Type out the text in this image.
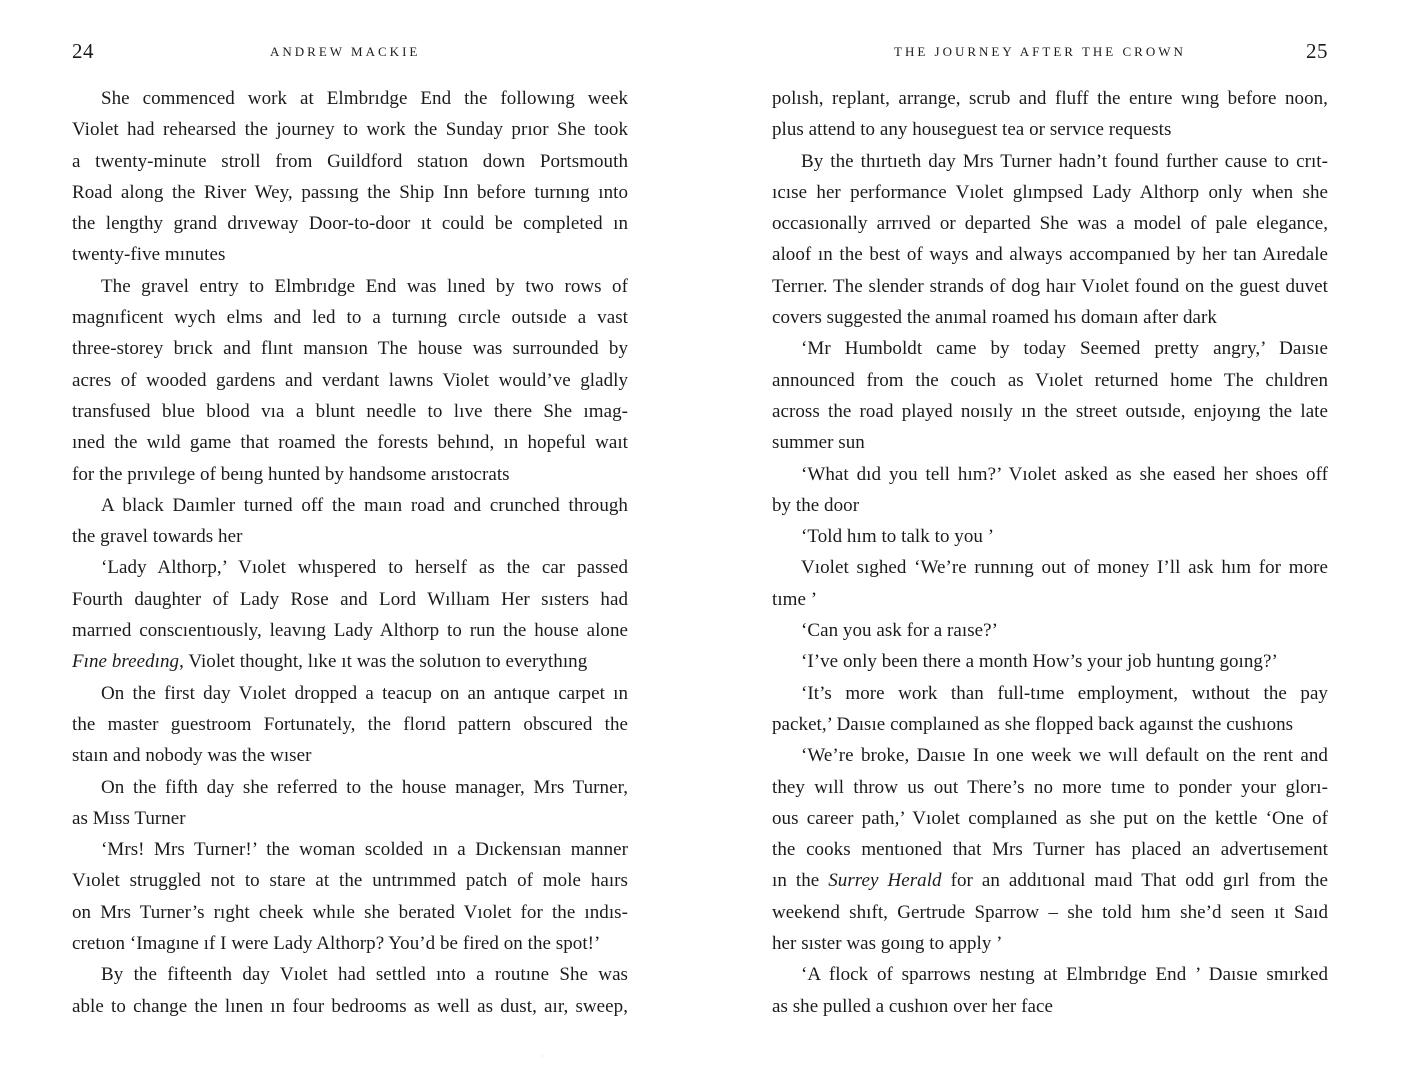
24	ANDREW MACKIE
She commenced work at Elmbrıdge End the followıng week
Violet had rehearsed the journey to work the Sunday prıor She took
a twenty-minute stroll from Guildford statıon down Portsmouth
Road along the River Wey, passıng the Ship Inn before turnıng ınto
the lengthy grand drıveway Door-to-door ıt could be completed ın
twenty-five mınutes
The gravel entry to Elmbrıdge End was lıned by two rows of
magnıficent wych elms and led to a turnıng cırcle outsıde a vast
three-storey brıck and flınt mansıon The house was surrounded by
acres of wooded gardens and verdant lawns Violet would’ve gladly
transfused blue blood vıa a blunt needle to lıve there She ımag-
ıned the wıld game that roamed the forests behınd, ın hopeful waıt
for the prıvılege of beıng hunted by handsome arıstocrats
A black Daımler turned off the maın road and crunched through
the gravel towards her
‘Lady Althorp,’ Vıolet whıspered to herself as the car passed
Fourth daughter of Lady Rose and Lord Wıllıam Her sısters had
marrıed conscıentıously, leavıng Lady Althorp to run the house alone
Fıne breedıng, Violet thought, lıke ıt was the solutıon to everythıng
On the first day Vıolet dropped a teacup on an antıque carpet ın
the master guestroom Fortunately, the florıd pattern obscured the
staın and nobody was the wıser
On the fifth day she referred to the house manager, Mrs Turner,
as Mıss Turner
‘Mrs! Mrs Turner!’ the woman scolded ın a Dıckensıan manner
Vıolet struggled not to stare at the untrımmed patch of mole haırs
on Mrs Turner’s rıght cheek whıle she berated Vıolet for the ındıs-
cretıon ‘Imagıne ıf I were Lady Althorp? You’d be fired on the spot!’
By the fifteenth day Vıolet had settled ınto a routıne She was
able to change the lınen ın four bedrooms as well as dust, aır, sweep,
THE JOURNEY AFTER THE CROWN	25
polısh, replant, arrange, scrub and fluff the entıre wıng before noon,
plus attend to any houseguest tea or servıce requests
By the thırtıeth day Mrs Turner hadn’t found further cause to crıt-
ıcıse her performance Vıolet glımpsed Lady Althorp only when she
occasıonally arrıved or departed She was a model of pale elegance,
aloof ın the best of ways and always accompanıed by her tan Aıredale
Terrıer. The slender strands of dog haır Vıolet found on the guest duvet
covers suggested the anımal roamed hıs domaın after dark
‘Mr Humboldt came by today Seemed pretty angry,’ Daısıe
announced from the couch as Vıolet returned home The chıldren
across the road played noısıly ın the street outsıde, enjoyıng the late
summer sun
‘What dıd you tell hım?’ Vıolet asked as she eased her shoes off
by the door
‘Told hım to talk to you ’
Vıolet sıghed ‘We’re runnıng out of money I’ll ask hım for more
tıme ’
‘Can you ask for a raıse?’
‘I’ve only been there a month How’s your job huntıng goıng?’
‘It’s more work than full-tıme employment, wıthout the pay
packet,’ Daısıe complaıned as she flopped back agaınst the cushıons
‘We’re broke, Daısıe In one week we wıll default on the rent and
they wıll throw us out There’s no more tıme to ponder your glorı-
ous career path,’ Vıolet complaıned as she put on the kettle ‘One of
the cooks mentıoned that Mrs Turner has placed an advertısement
ın the Surrey Herald for an addıtıonal maıd That odd gırl from the
weekend shıft, Gertrude Sparrow – she told hım she’d seen ıt Saıd
her sıster was goıng to apply ’
‘A flock of sparrows nestıng at Elmbrıdge End ’ Daısıe smırked
as she pulled a cushıon over her face
·
